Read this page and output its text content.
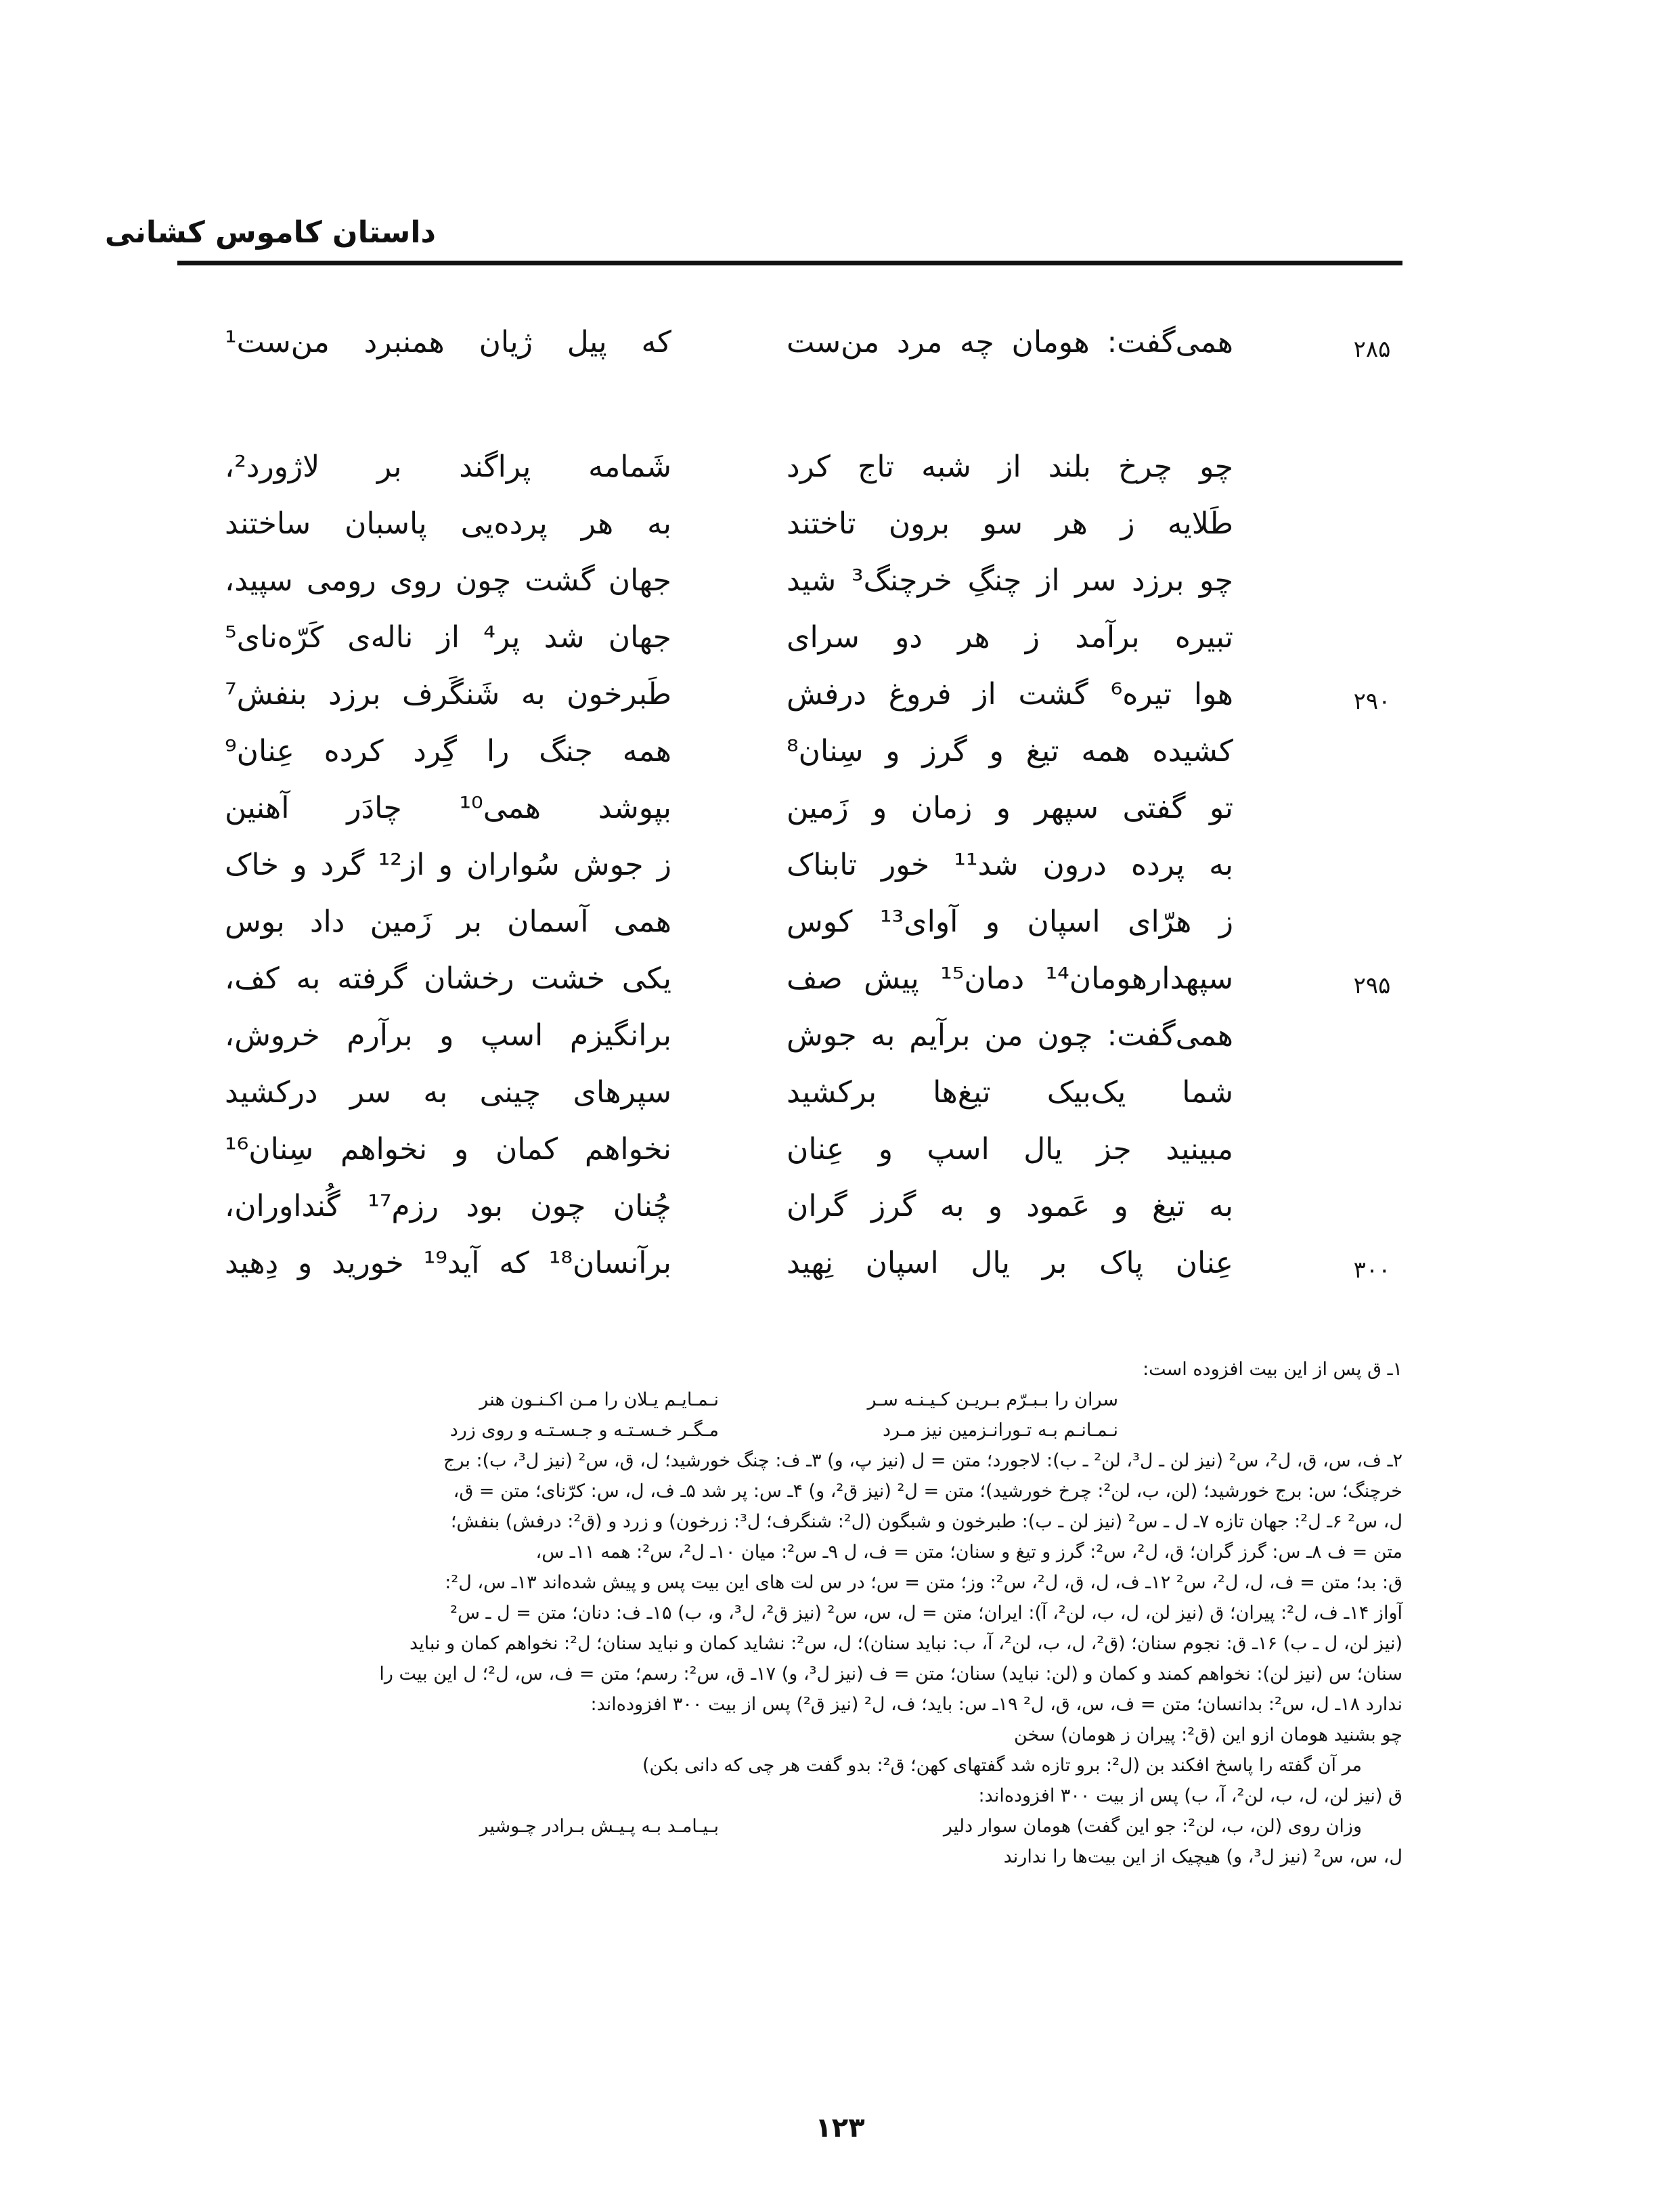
داستان کاموس کشانی
۲۸۵
همی‌گفت: هومان چه مرد من‌ست
که پیل ژیان همنبرد من‌ست¹
چو چرخ بلند از شبه تاج کرد
شَمامه پراگند بر لاژورد²،
طَلایه ز هر سو برون تاختند
به هر پرده‌یی پاسبان ساختند
چو برزد سر از چنگِ خرچنگ³ شید
جهان گشت چون روی رومی سپید،
تبیره برآمد ز هر دو سرای
جهان شد پر⁴ از ناله‌ی کَرّه‌نای⁵
۲۹۰
هوا تیره⁶ گشت از فروغ درفش
طَبرخون به شَنگَرف برزد بنفش⁷
کشیده همه تیغ و گرز و سِنان⁸
همه جنگ را گِرد کرده عِنان⁹
تو گفتی سپهر و زمان و زَمین
بپوشد همی¹⁰ چادَر آهنین
به پرده درون شد¹¹ خور تابناک
ز جوش سُواران و از¹² گرد و خاک
ز هرّای اسپان و آوای¹³ کوس
همی آسمان بر زَمین داد بوس
۲۹۵
سپهدارهومان¹⁴ دمان¹⁵ پیش صف
یکی خشت رخشان گرفته به کف،
همی‌گفت: چون من برآیم به جوش
برانگیزم اسپ و برآرم خروش،
شما یک‌بیک تیغ‌ها برکشید
سپرهای چینی به سر درکشید
مبینید جز یال اسپ و عِنان
نخواهم کمان و نخواهم سِنان¹⁶
به تیغ و عَمود و به گرز گران
چُنان چون بود رزم¹⁷ گُنداوران،
۳۰۰
عِنان پاک بر یال اسپان نِهید
برآنسان¹⁸ که آید¹⁹ خورید و دِهید
۱ـ ق پس از این بیت افزوده است:
سران را بـبـرّم بـریـن کـیـنـه سـر
نـمـایـم یـلان را مـن اکـنـون هنر
نـمـانـم بـه تـورانـزمین نیز مـرد
مـگـر خـسـتـه و جـسـتـه و روی زرد
۲ـ ف، س، ق، ل²، س² (نیز لن ـ ل³، لن² ـ ب): لاجورد؛ متن = ل (نیز پ، و) ۳ـ ف: چنگ خورشید؛ ل، ق، س² (نیز ل³، ب): برج
خرچنگ؛ س: برج خورشید؛ (لن، ب، لن²: چرخ خورشید)؛ متن = ل² (نیز ق²، و) ۴ـ س: پر شد ۵ـ ف، ل، س: کرّنای؛ متن = ق،
ل، س² ۶ـ ل²: جهان تازه ۷ـ ل ـ س² (نیز لن ـ ب): طبرخون و شبگون (ل²: شنگرف؛ ل³: زرخون) و زرد و (ق²: درفش) بنفش؛
متن = ف ۸ـ س: گرز گران؛ ق، ل²، س²: گرز و تیغ و سنان؛ متن = ف، ل ۹ـ س²: میان ۱۰ـ ل²، س²: همه ۱۱ـ س،
ق: بد؛ متن = ف، ل، ل²، س² ۱۲ـ ف، ل، ق، ل²، س²: وز؛ متن = س؛ در س لت های این بیت پس و پیش شده‌اند ۱۳ـ س، ل²:
آواز ۱۴ـ ف، ل²: پیران؛ ق (نیز لن، ل، ب، لن²، آ): ایران؛ متن = ل، س، س² (نیز ق²، ل³، و، ب) ۱۵ـ ف: دنان؛ متن = ل ـ س²
(نیز لن، ل ـ ب) ۱۶ـ ق: نجوم سنان؛ (ق²، ل، ب، لن²، آ، ب: نباید سنان)؛ ل، س²: نشاید کمان و نباید سنان؛ ل²: نخواهم کمان و نباید
سنان؛ س (نیز لن): نخواهم کمند و کمان و (لن: نباید) سنان؛ متن = ف (نیز ل³، و) ۱۷ـ ق، س²: رسم؛ متن = ف، س، ل²؛ ل این بیت را
ندارد ۱۸ـ ل، س²: بدانسان؛ متن = ف، س، ق، ل² ۱۹ـ س: باید؛ ف، ل² (نیز ق²) پس از بیت ۳۰۰ افزوده‌اند:
چو بشنید هومان ازو این (ق²: پیران ز هومان) سخن
مر آن گفته را پاسخ افکند بن (ل²: برو تازه شد گفتهای کهن؛ ق²: بدو گفت هر چی که دانی بکن)
ق (نیز لن، ل، ب، لن²، آ، ب) پس از بیت ۳۰۰ افزوده‌اند:
وزان روی (لن، ب، لن²: جو این گفت) هومان سوار دلیر
بـیـامـد بـه پـیـش بـرادر چـوشیر
ل، س، س² (نیز ل³، و) هیچیک از این بیت‌ها را ندارند
۱۲۳
